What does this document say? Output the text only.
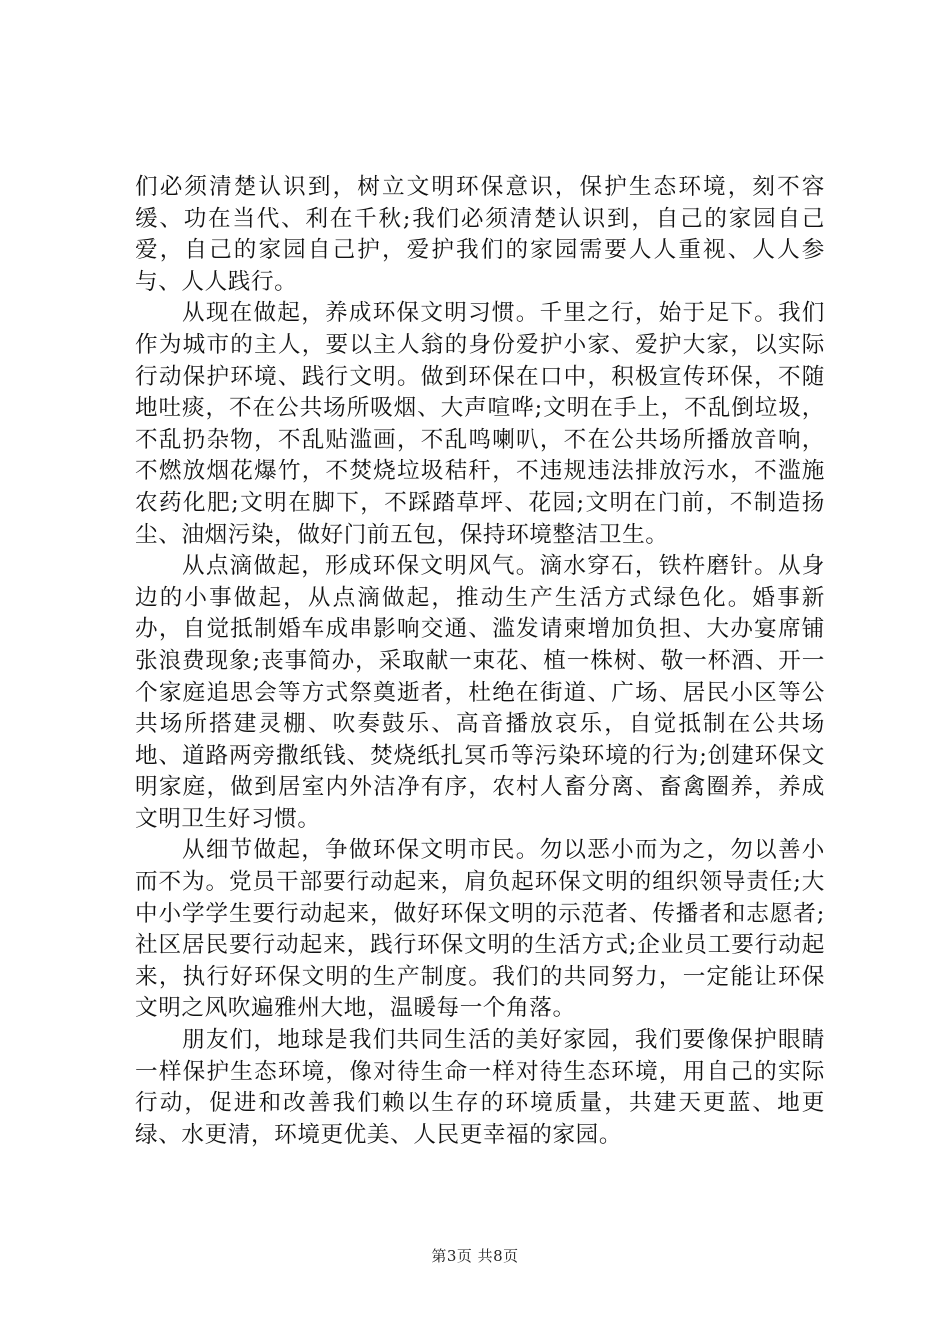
们必须清楚认识到，树立文明环保意识，保护生态环境，刻不容缓、功在当代、利在千秋;我们必须清楚认识到，自己的家园自己爱，自己的家园自己护，爱护我们的家园需要人人重视、人人参与、人人践行。

从现在做起，养成环保文明习惯。千里之行，始于足下。我们作为城市的主人，要以主人翁的身份爱护小家、爱护大家，以实际行动保护环境、践行文明。做到环保在口中，积极宣传环保，不随地吐痰，不在公共场所吸烟、大声喧哗;文明在手上，不乱倒垃圾，不乱扔杂物，不乱贴滥画，不乱鸣喇叭，不在公共场所播放音响，不燃放烟花爆竹，不焚烧垃圾秸秆，不违规违法排放污水，不滥施农药化肥;文明在脚下，不踩踏草坪、花园;文明在门前，不制造扬尘、油烟污染，做好门前五包，保持环境整洁卫生。

从点滴做起，形成环保文明风气。滴水穿石，铁杵磨针。从身边的小事做起，从点滴做起，推动生产生活方式绿色化。婚事新办，自觉抵制婚车成串影响交通、滥发请柬增加负担、大办宴席铺张浪费现象;丧事简办，采取献一束花、植一株树、敬一杯酒、开一个家庭追思会等方式祭奠逝者，杜绝在街道、广场、居民小区等公共场所搭建灵棚、吹奏鼓乐、高音播放哀乐，自觉抵制在公共场地、道路两旁撒纸钱、焚烧纸扎冥币等污染环境的行为;创建环保文明家庭，做到居室内外洁净有序，农村人畜分离、畜禽圈养，养成文明卫生好习惯。

从细节做起，争做环保文明市民。勿以恶小而为之，勿以善小而不为。党员干部要行动起来，肩负起环保文明的组织领导责任;大中小学学生要行动起来，做好环保文明的示范者、传播者和志愿者;社区居民要行动起来，践行环保文明的生活方式;企业员工要行动起来，执行好环保文明的生产制度。我们的共同努力，一定能让环保文明之风吹遍雅州大地，温暖每一个角落。

朋友们，地球是我们共同生活的美好家园，我们要像保护眼睛一样保护生态环境，像对待生命一样对待生态环境，用自己的实际行动，促进和改善我们赖以生存的环境质量，共建天更蓝、地更绿、水更清，环境更优美、人民更幸福的家园。

第3页 共8页
